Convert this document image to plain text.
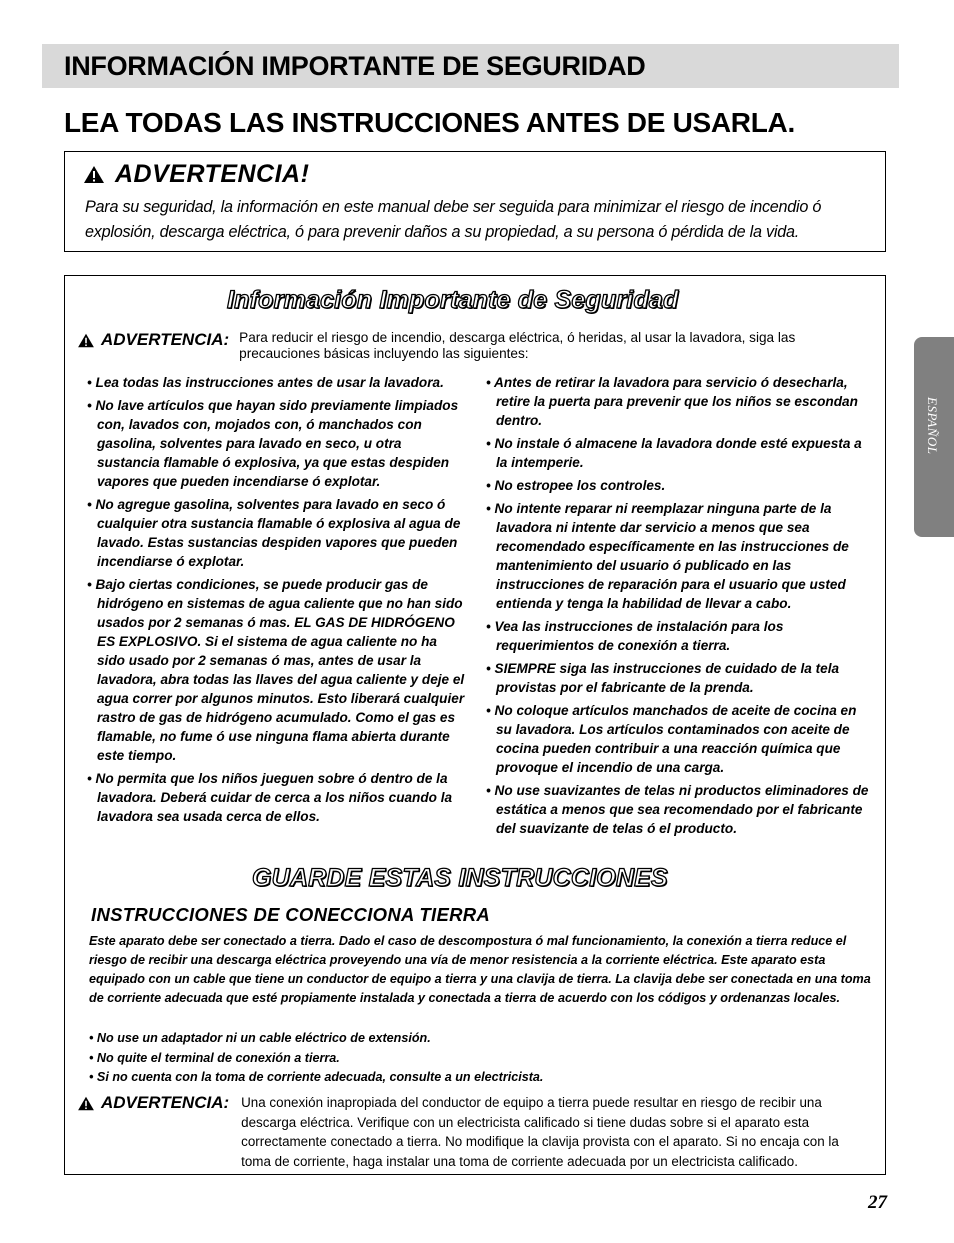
INFORMACIÓN IMPORTANTE DE SEGURIDAD
LEA TODAS LAS INSTRUCCIONES ANTES DE USARLA.
ADVERTENCIA!
Para su seguridad, la información en este manual debe ser seguida para minimizar el riesgo de incendio ó explosión, descarga eléctrica, ó para prevenir daños a su propiedad, a su persona ó pérdida de la vida.
Información Importante de Seguridad
ADVERTENCIA: Para reducir el riesgo de incendio, descarga eléctrica, ó heridas, al usar la lavadora, siga las precauciones básicas incluyendo las siguientes:
• Lea todas las instrucciones antes de usar la lavadora.
• No lave artículos que hayan sido previamente limpiados con, lavados con, mojados con, ó manchados con gasolina, solventes para lavado en seco, u otra sustancia flamable ó explosiva, ya que estas despiden vapores que pueden incendiarse ó explotar.
• No agregue gasolina, solventes para lavado en seco ó cualquier otra sustancia flamable ó explosiva al agua de lavado. Estas sustancias despiden vapores que pueden incendiarse ó explotar.
• Bajo ciertas condiciones, se puede producir gas de hidrógeno en sistemas de agua caliente que no han sido usados por 2 semanas ó mas. EL GAS DE HIDRÓGENO ES EXPLOSIVO. Si el sistema de agua caliente no ha sido usado por 2 semanas ó mas, antes de usar la lavadora, abra todas las llaves del agua caliente y deje el agua correr por algunos minutos. Esto liberará cualquier rastro de gas de hidrógeno acumulado. Como el gas es flamable, no fume ó use ninguna flama abierta durante este tiempo.
• No permita que los niños jueguen sobre ó dentro de la lavadora. Deberá cuidar de cerca a los niños cuando la lavadora sea usada cerca de ellos.
• Antes de retirar la lavadora para servicio ó desecharla, retire la puerta para prevenir que los niños se escondan dentro.
• No instale ó almacene la lavadora donde esté expuesta a la intemperie.
• No estropee los controles.
• No intente reparar ni reemplazar ninguna parte de la lavadora ni intente dar servicio a menos que sea recomendado específicamente en las instrucciones de mantenimiento del usuario ó publicado en las instrucciones de reparación para el usuario que usted entienda y tenga la habilidad de llevar a cabo.
• Vea las instrucciones de instalación para los requerimientos de conexión a tierra.
• SIEMPRE siga las instrucciones de cuidado de la tela provistas por el fabricante de la prenda.
• No coloque artículos manchados de aceite de cocina en su lavadora. Los artículos contaminados con aceite de cocina pueden contribuir a una reacción química que provoque el incendio de una carga.
• No use suavizantes de telas ni productos eliminadores de estática a menos que sea recomendado por el fabricante del suavizante de telas ó el producto.
GUARDE ESTAS INSTRUCCIONES
INSTRUCCIONES DE CONECCIONA TIERRA
Este aparato debe ser conectado a tierra. Dado el caso de descompostura ó mal funcionamiento, la conexión a tierra reduce el riesgo de recibir una descarga eléctrica proveyendo una vía de menor resistencia a la corriente eléctrica. Este aparato esta equipado con un cable que tiene un conductor de equipo a tierra y una clavija de tierra. La clavija debe ser conectada en una toma de corriente adecuada que esté propiamente instalada y conectada a tierra de acuerdo con los códigos y ordenanzas locales.
• No use un adaptador ni un cable eléctrico de extensión.
• No quite el terminal de conexión a tierra.
• Si no cuenta con la toma de corriente adecuada, consulte a un electricista.
ADVERTENCIA: Una conexión inapropiada del conductor de equipo a tierra puede resultar en riesgo de recibir una descarga eléctrica. Verifique con un electricista calificado si tiene dudas sobre si el aparato esta correctamente conectado a tierra. No modifique la clavija provista con el aparato. Si no encaja con la toma de corriente, haga instalar una toma de corriente adecuada por un electricista calificado.
ESPAÑOL
27
